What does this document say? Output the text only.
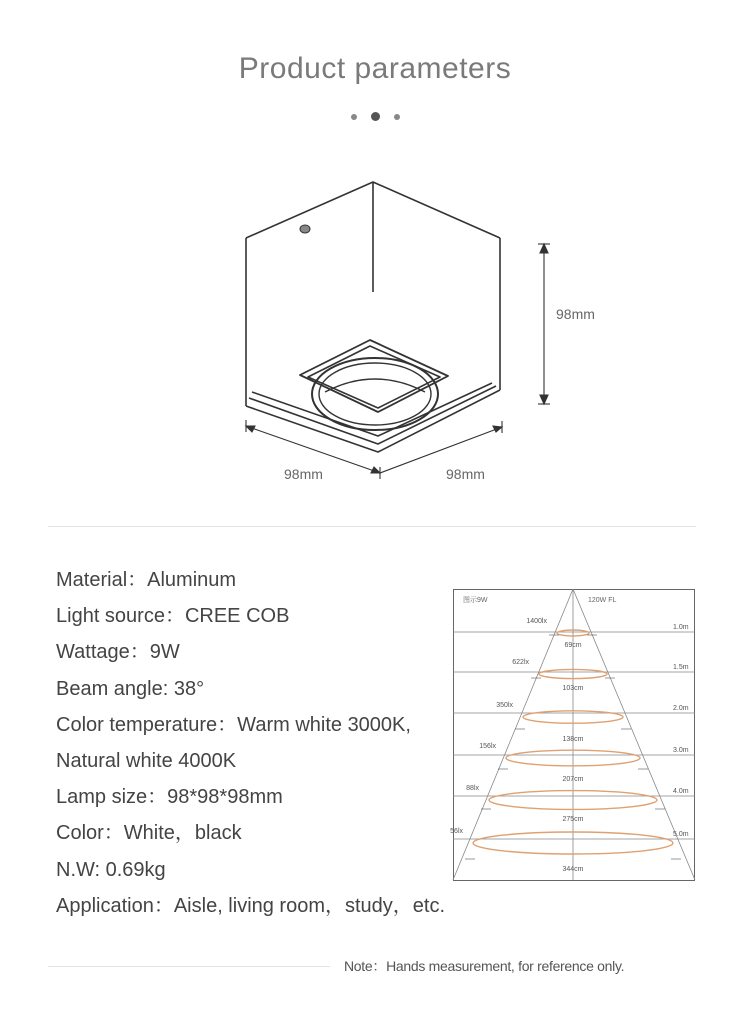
Product parameters
98mm
98mm	98mm
Material：Aluminum
Light source：CREE COB
Wattage：9W
Beam angle: 38°
Color temperature：Warm white 3000K,
Natural white 4000K
Lamp size：98*98*98mm
Color：White，black
N.W: 0.69kg
Application：Aisle, living room，study，etc.
图示9W	120W FL
1.0m
1400lx
69cm
1.5m
622lx
103cm
2.0m
350lx
138cm
3.0m
156lx
207cm
4.0m
88lx
275cm
5.0m
56lx
344cm
Note：Hands measurement, for reference only.
